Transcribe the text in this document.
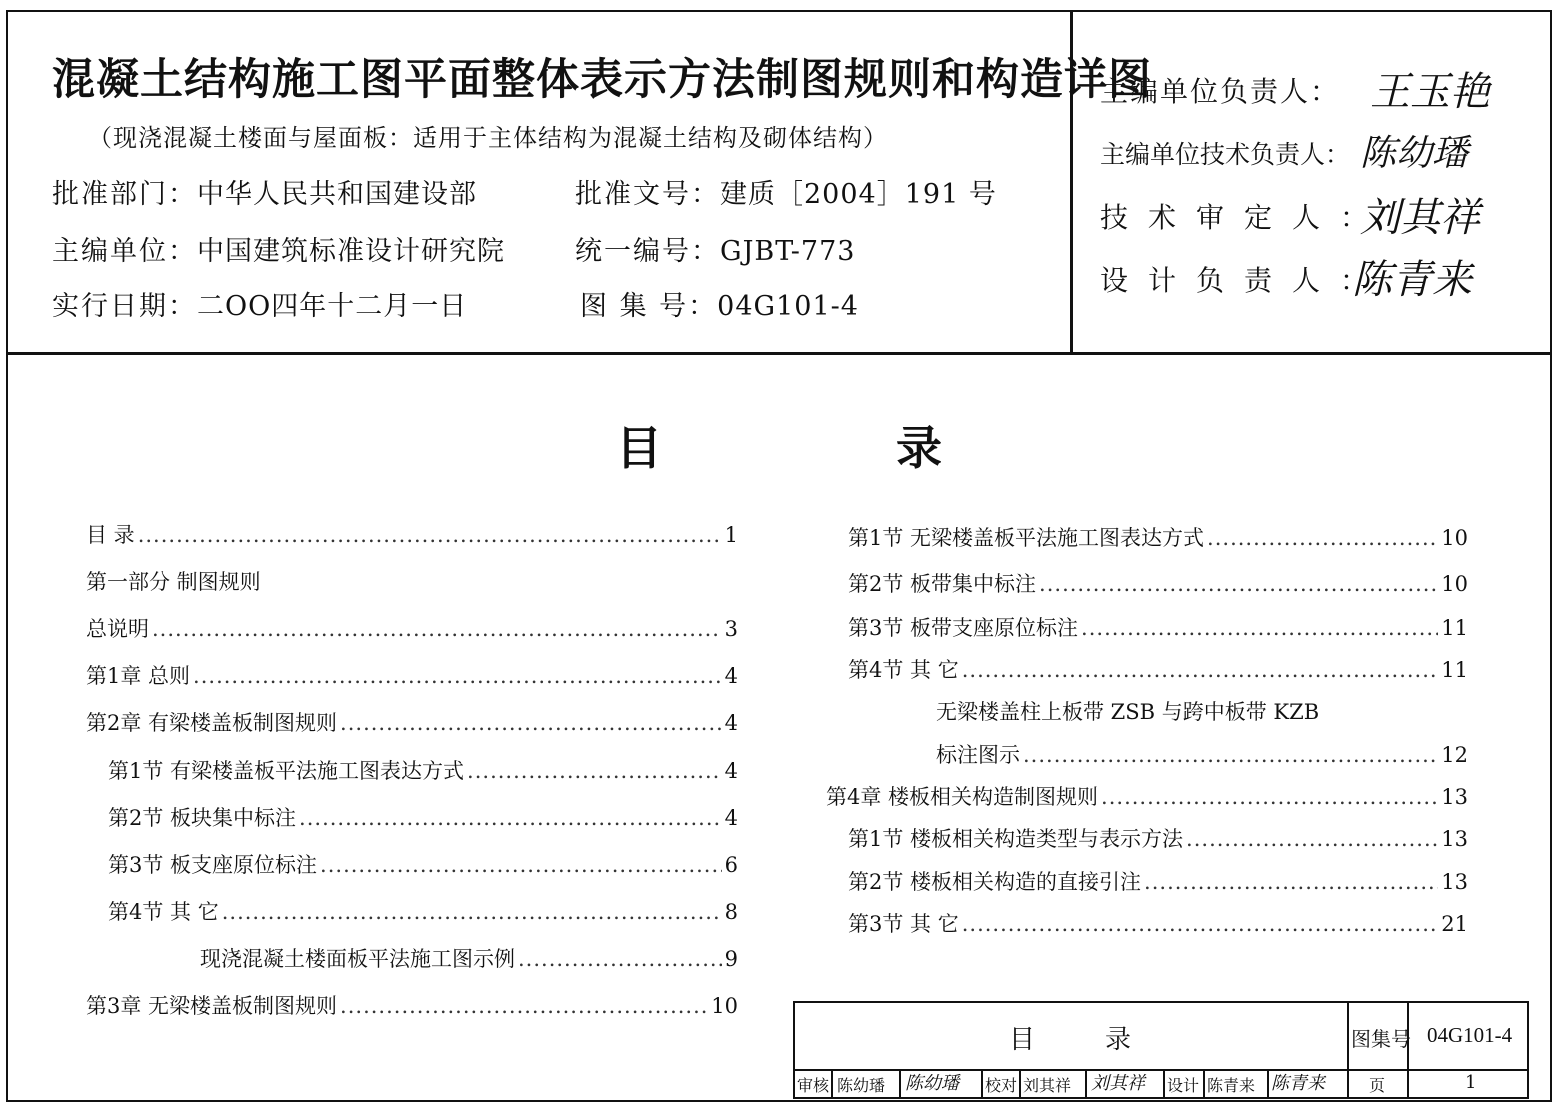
混凝土结构施工图平面整体表示方法制图规则和构造详图
（现浇混凝土楼面与屋面板：适用于主体结构为混凝土结构及砌体结构）
批准部门：中华人民共和国建设部	批准文号：建质［2004］191 号
主编单位：中国建筑标准设计研究院	统一编号：GJBT-773
实行日期：二OO四年十二月一日	图 集 号：04G101-4
主编单位负责人： 王玉艳
主编单位技术负责人： 陈幼璠
技术审定人：
刘其祥
设计负责人：
陈青来
目	录
目 录 .....	1
第一部分 制图规则
总说明 .....	3
第1章 总则 .....	4
第2章 有梁楼盖板制图规则 .....	4
第1节 有梁楼盖板平法施工图表达方式 .....	4
第2节 板块集中标注 .....	4
第3节 板支座原位标注 .....	6
第4节 其 它 .....	8
现浇混凝土楼面板平法施工图示例 .....	9
第3章 无梁楼盖板制图规则 .....	10
第1节 无梁楼盖板平法施工图表达方式 .....	10
第2节 板带集中标注 .....	10
第3节 板带支座原位标注 .....	11
第4节 其 它 .....	11
无梁楼盖柱上板带 ZSB 与跨中板带 KZB
标注图示 .....	12
第4章 楼板相关构造制图规则 .....	13
第1节 楼板相关构造类型与表示方法 .....	13
第2节 楼板相关构造的直接引注 .....	13
第3节 其 它 .....	21
目	录	图集号 04G101-4
审核 陈幼璠 陈幼璠 校对 刘其祥 刘其祥 设计 陈青来 陈青来	页	1
